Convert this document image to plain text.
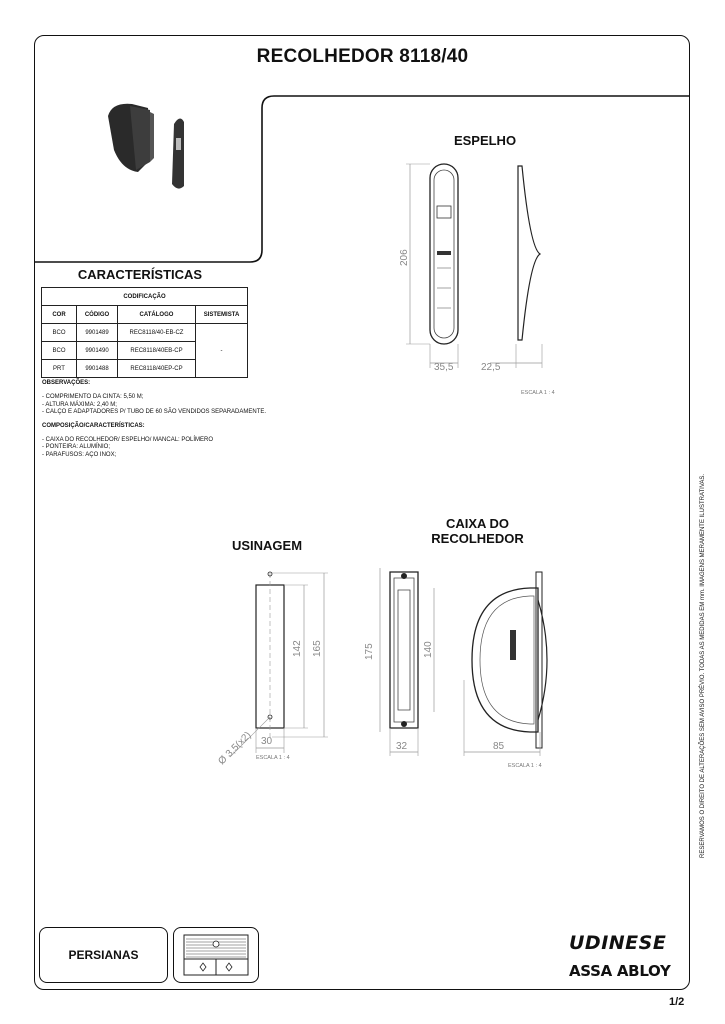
RECOLHEDOR 8118/40
ESPELHO
206
35,5	22,5
ESCALA 1 : 4
CARACTERÍSTICAS
CODIFICAÇÃO			
COR	CÓDIGO	CATÁLOGO	SISTEMISTA
BCO	9901489	REC8118/40-EB-CZ	-
BCO	9901490	REC8118/40EB-CP	
PRT	9901488	REC8118/40EP-CP	
OBSERVAÇÕES:
- COMPRIMENTO DA CINTA: 5,50 M;
- ALTURA MÁXIMA: 2,40 M;
- CALÇO E ADAPTADORES P/ TUBO DE 60 SÃO VENDIDOS SEPARADAMENTE.
COMPOSIÇÃO/CARACTERÍSTICAS:
- CAIXA DO RECOLHEDOR/ ESPELHO/ MANCAL: POLÍMERO
- PONTEIRA: ALUMÍNIO;
- PARAFUSOS: AÇO INOX;
USINAGEM
142 165
30
Ø 3,5(x2) ESCALA 1 : 4
CAIXA DO RECOLHEDOR
175	140
32	85
ESCALA 1 : 4	RESERVAMOS O DIREITO DE ALTERAÇÕES SEM AVISO PRÉVIO. TODAS AS MEDIDAS EM mm. IMAGENS MERAMENTE ILUSTRATIVAS.
PERSIANAS
UDINESE
ASSA ABLOY
1/2
